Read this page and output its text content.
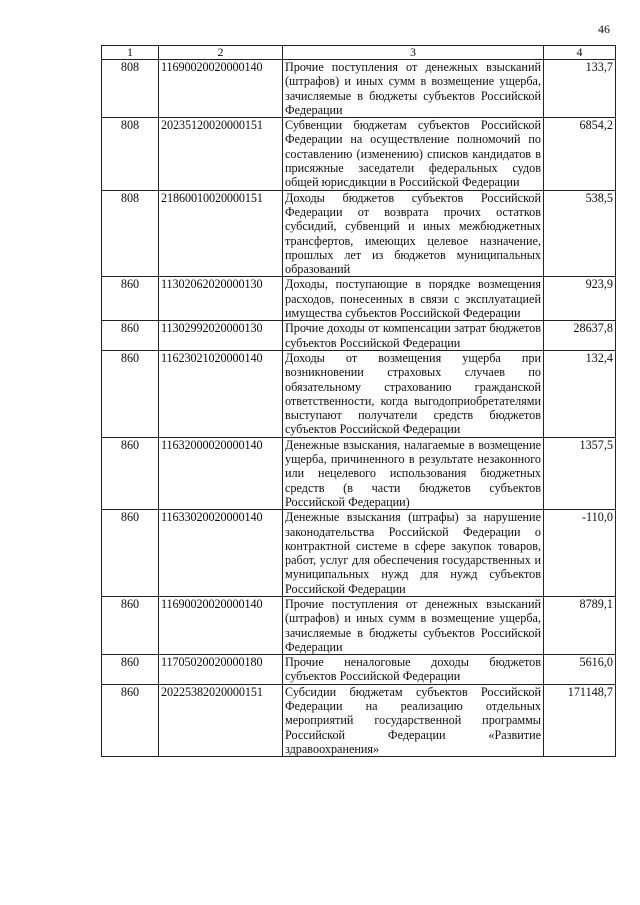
46
1	2	3	4
808	11690020020000140	Прочие поступления от денежных взысканий (штрафов) и иных сумм в возмещение ущерба, зачисляемые в бюджеты субъектов Российской Федерации	133,7
808	20235120020000151	Субвенции бюджетам субъектов Российской Федерации на осуществление полномочий по составлению (изменению) списков кандидатов в присяжные заседатели федеральных судов общей юрисдикции в Российской Федерации	6854,2
808	21860010020000151	Доходы бюджетов субъектов Российской Федерации от возврата прочих остатков субсидий, субвенций и иных межбюджетных трансфертов, имеющих целевое назначение, прошлых лет из бюджетов муниципальных образований	538,5
860	11302062020000130	Доходы, поступающие в порядке возмещения расходов, понесенных в связи с эксплуатацией имущества субъектов Российской Федерации	923,9
860	11302992020000130	Прочие доходы от компенсации затрат бюджетов субъектов Российской Федерации	28637,8
860	11623021020000140	Доходы от возмещения ущерба при возникновении страховых случаев по обязательному страхованию гражданской ответственности, когда выгодоприобретателями выступают получатели средств бюджетов субъектов Российской Федерации	132,4
860	11632000020000140	Денежные взыскания, налагаемые в возмещение ущерба, причиненного в результате незаконного или нецелевого использования бюджетных средств (в части бюджетов субъектов Российской Федерации)	1357,5
860	11633020020000140	Денежные взыскания (штрафы) за нарушение законодательства Российской Федерации о контрактной системе в сфере закупок товаров, работ, услуг для обеспечения государственных и муниципальных нужд для нужд субъектов Российской Федерации	-110,0
860	11690020020000140	Прочие поступления от денежных взысканий (штрафов) и иных сумм в возмещение ущерба, зачисляемые в бюджеты субъектов Российской Федерации	8789,1
860	11705020020000180	Прочие неналоговые доходы бюджетов субъектов Российской Федерации	5616,0
860	20225382020000151	Субсидии бюджетам субъектов Российской Федерации на реализацию отдельных мероприятий государственной программы Российской Федерации «Развитие здравоохранения»	171148,7
